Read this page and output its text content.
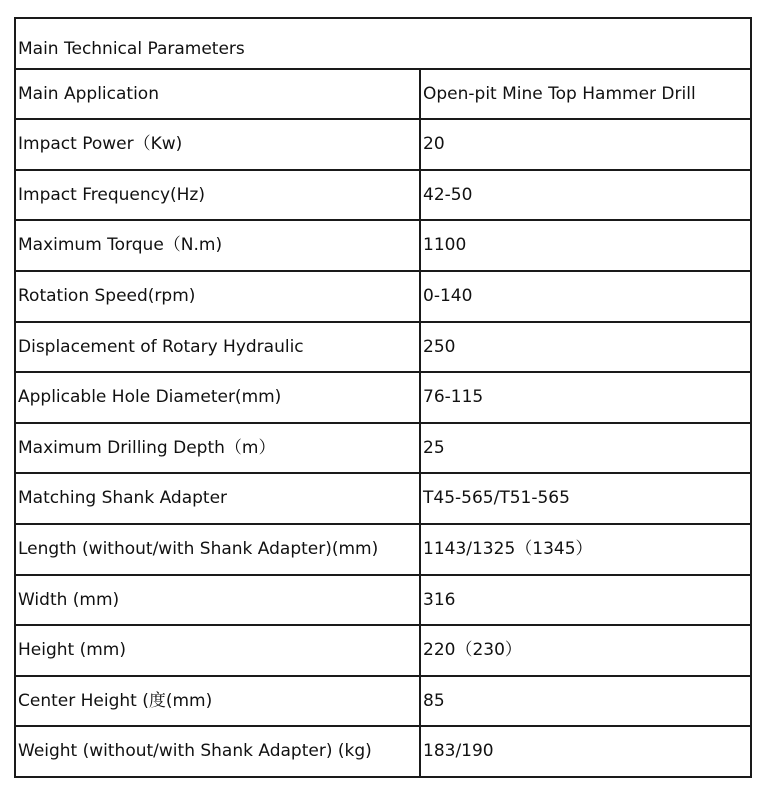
Main Technical Parameters	
Main Application	Open-pit Mine Top Hammer Drill
Impact Power（Kw)	20
Impact Frequency(Hz)	42-50
Maximum Torque（N.m)	1100
Rotation Speed(rpm)	0-140
Displacement of Rotary Hydraulic	250
Applicable Hole Diameter(mm)	76-115
Maximum Drilling Depth（m）	25
Matching Shank Adapter	T45-565/T51-565
Length (without/with Shank Adapter)(mm)	1143/1325（1345）
Width (mm)	316
Height (mm)	220（230）
Center Height (度(mm)	85
Weight (without/with Shank Adapter) (kg)	183/190
